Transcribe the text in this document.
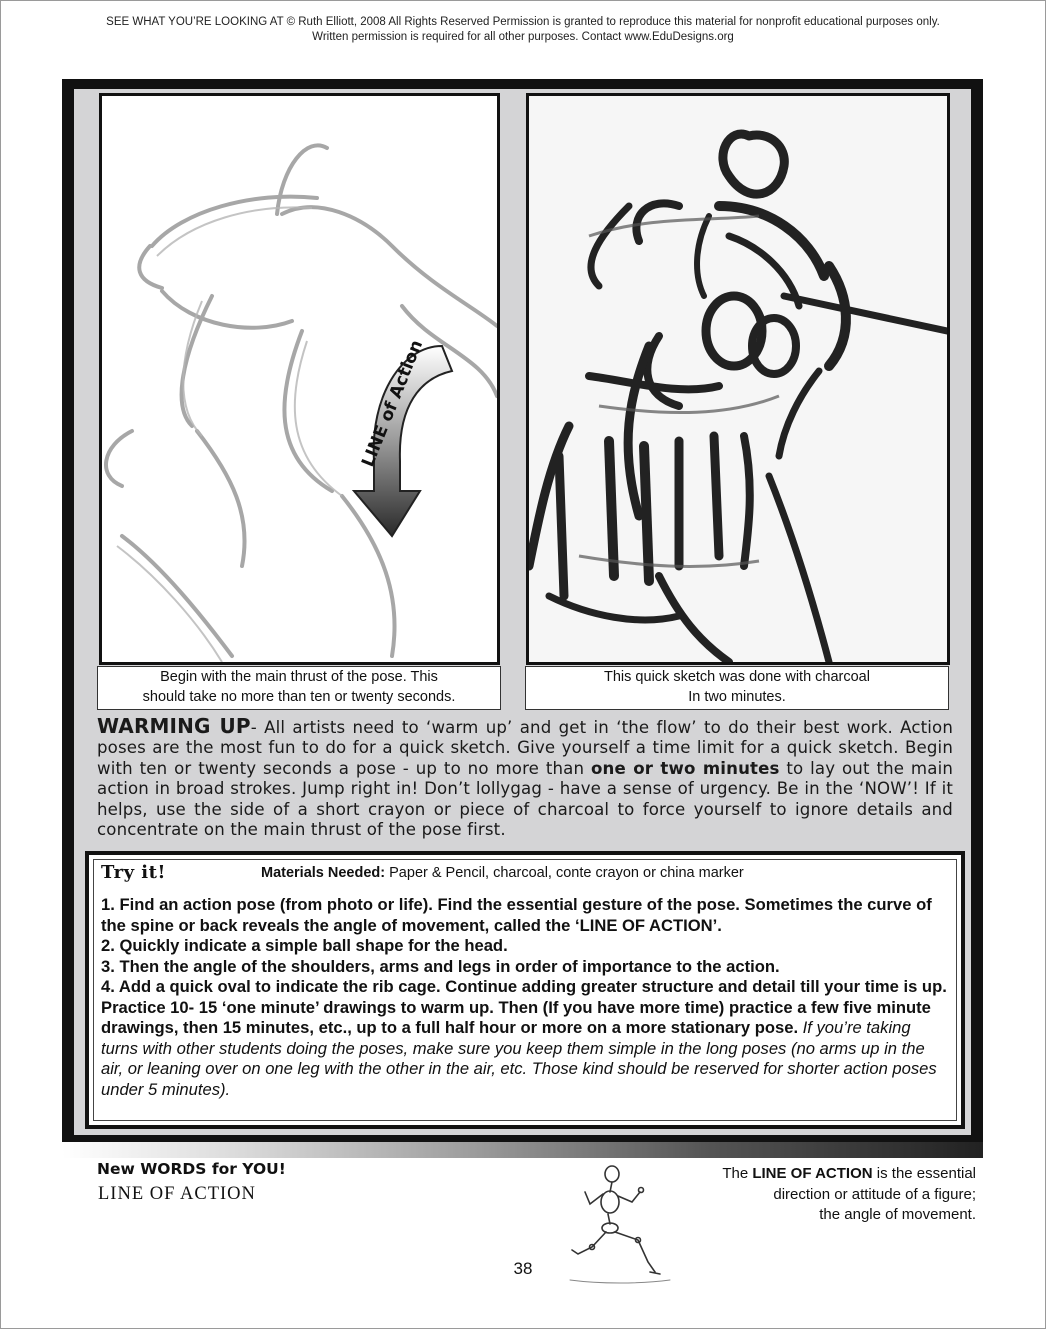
SEE WHAT YOU’RE LOOKING AT © Ruth Elliott, 2008 All Rights Reserved Permission is granted to reproduce this material for nonprofit educational purposes only.
Written permission is required for all other purposes. Contact www.EduDesigns.org
LINE of Action
Begin with the main thrust of the pose. This
should take no more than ten or twenty seconds.
This quick sketch was done with charcoal
In two minutes.
WARMING UP- All artists need to ‘warm up’ and get in ‘the flow’ to do their best work. Action poses are the most fun to do for a quick sketch. Give yourself a time limit for a quick sketch. Begin with ten or twenty seconds a pose - up to no more than one or two minutes to lay out the main action in broad strokes. Jump right in! Don’t lollygag - have a sense of urgency. Be in the ‘NOW’! If it helps, use the side of a short crayon or piece of charcoal to force yourself to ignore details and concentrate on the main thrust of the pose first.
Try it!	Materials Needed: Paper & Pencil, charcoal, conte crayon or china marker

1. Find an action pose (from photo or life). Find the essential gesture of the pose. Sometimes the curve of the spine or back reveals the angle of movement, called the ‘LINE OF ACTION’.

2. Quickly indicate a simple ball shape for the head.

3. Then the angle of the shoulders, arms and legs in order of importance to the action.

4. Add a quick oval to indicate the rib cage. Continue adding greater structure and detail till your time is up. Practice 10- 15 ‘one minute’ drawings to warm up. Then (If you have more time) practice a few five minute drawings, then 15 minutes, etc., up to a full half hour or more on a more stationary pose. If you’re taking turns with other students doing the poses, make sure you keep them simple in the long poses (no arms up in the air, or leaning over on one leg with the other in the air, etc. Those kind should be reserved for shorter action poses under 5 minutes).

New WORDS for YOU!
LINE OF ACTION
The LINE OF ACTION is the essential
direction or attitude of a figure;
the angle of movement.
38
